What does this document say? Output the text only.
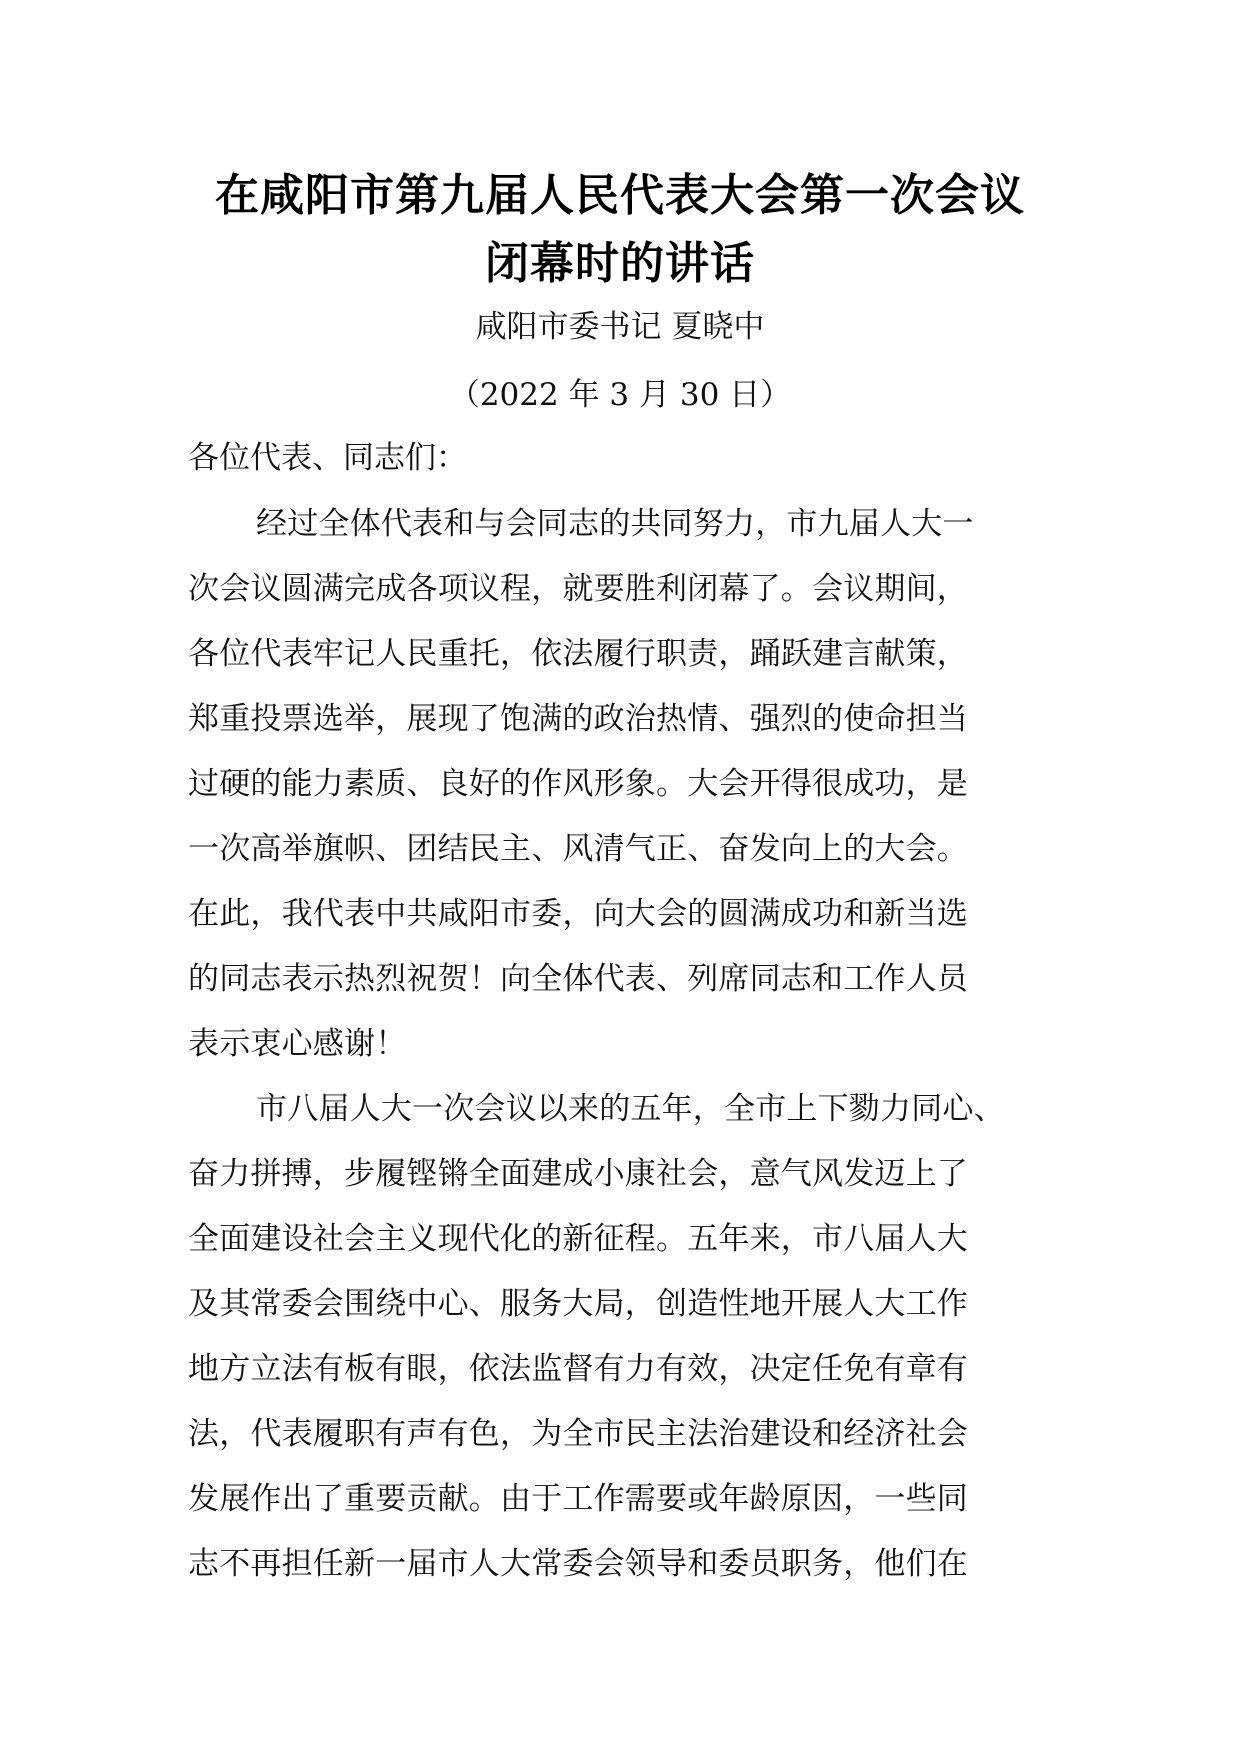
在咸阳市第九届人民代表大会第一次会议
闭幕时的讲话
咸阳市委书记 夏晓中
（2022 年 3 月 30 日）
各位代表、同志们：
经过全体代表和与会同志的共同努力，市九届人大一
次会议圆满完成各项议程，就要胜利闭幕了。会议期间，
各位代表牢记人民重托，依法履行职责，踊跃建言献策，
郑重投票选举，展现了饱满的政治热情、强烈的使命担当
过硬的能力素质、良好的作风形象。大会开得很成功，是
一次高举旗帜、团结民主、风清气正、奋发向上的大会。
在此，我代表中共咸阳市委，向大会的圆满成功和新当选
的同志表示热烈祝贺！向全体代表、列席同志和工作人员
表示衷心感谢！
市八届人大一次会议以来的五年，全市上下勠力同心、
奋力拼搏，步履铿锵全面建成小康社会，意气风发迈上了
全面建设社会主义现代化的新征程。五年来，市八届人大
及其常委会围绕中心、服务大局，创造性地开展人大工作
地方立法有板有眼，依法监督有力有效，决定任免有章有
法，代表履职有声有色，为全市民主法治建设和经济社会
发展作出了重要贡献。由于工作需要或年龄原因，一些同
志不再担任新一届市人大常委会领导和委员职务，他们在
